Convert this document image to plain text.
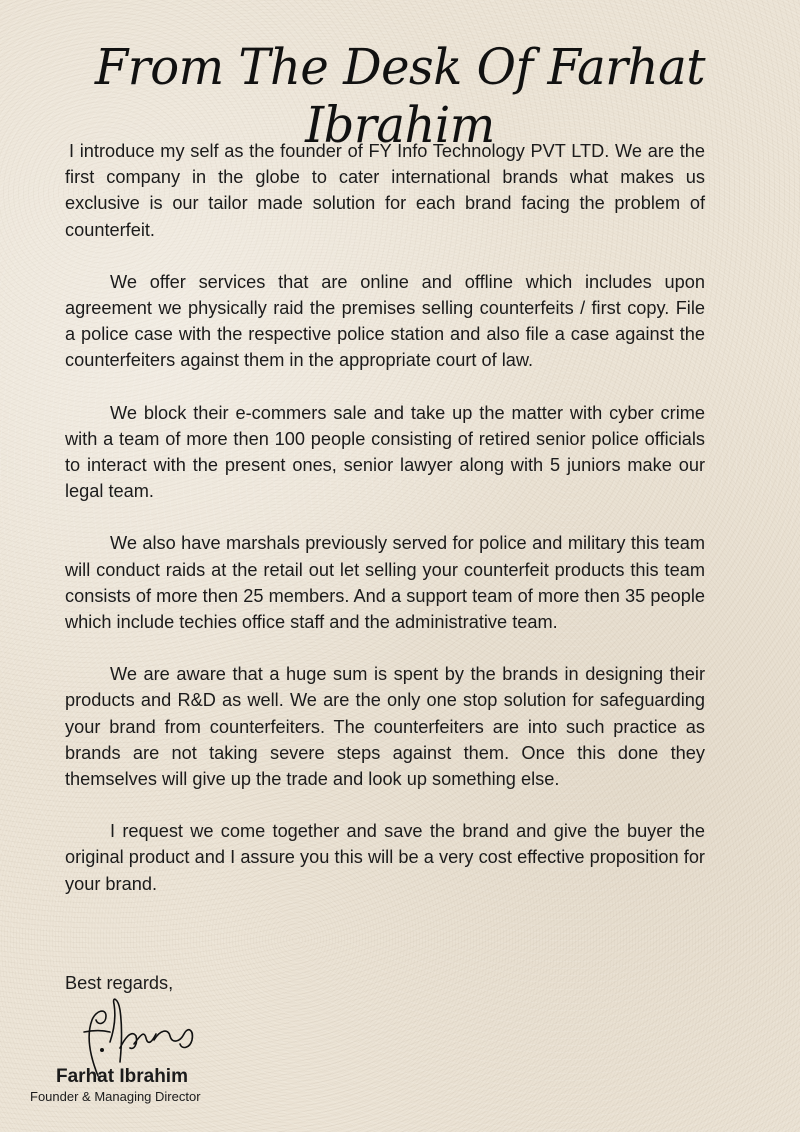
From The Desk Of Farhat Ibrahim

I introduce my self as the founder of FY Info Technology PVT LTD. We are the first company in the globe to cater international brands what makes us exclusive is our tailor made solution for each brand facing the problem of counterfeit.

We offer services that are online and offline which includes upon agreement we physically raid the premises selling counterfeits / first copy. File a police case with the respective police station and also file a case against the counterfeiters against them in the appropriate court of law.

We block their e-commers sale and take up the matter with cyber crime with a team of more then 100 people consisting of retired senior police officials to interact with the present ones, senior lawyer along with 5 juniors make our legal team.

We also have marshals previously served for police and military this team will conduct raids at the retail out let selling your counterfeit products this team consists of more then 25 members. And a support team of more then 35 people which include techies office staff and the administrative team.

We are aware that a huge sum is spent by the brands in designing their products and R&D as well. We are the only one stop solution for safeguarding your brand from counterfeiters. The counterfeiters are into such practice as brands are not taking severe steps against them. Once this done they themselves will give up the trade and look up something else.

I request we come together and save the brand and give the buyer the original product and I assure you this will be a very cost effective proposition for your brand.

Best regards,

Farhat Ibrahim

Founder & Managing Director
